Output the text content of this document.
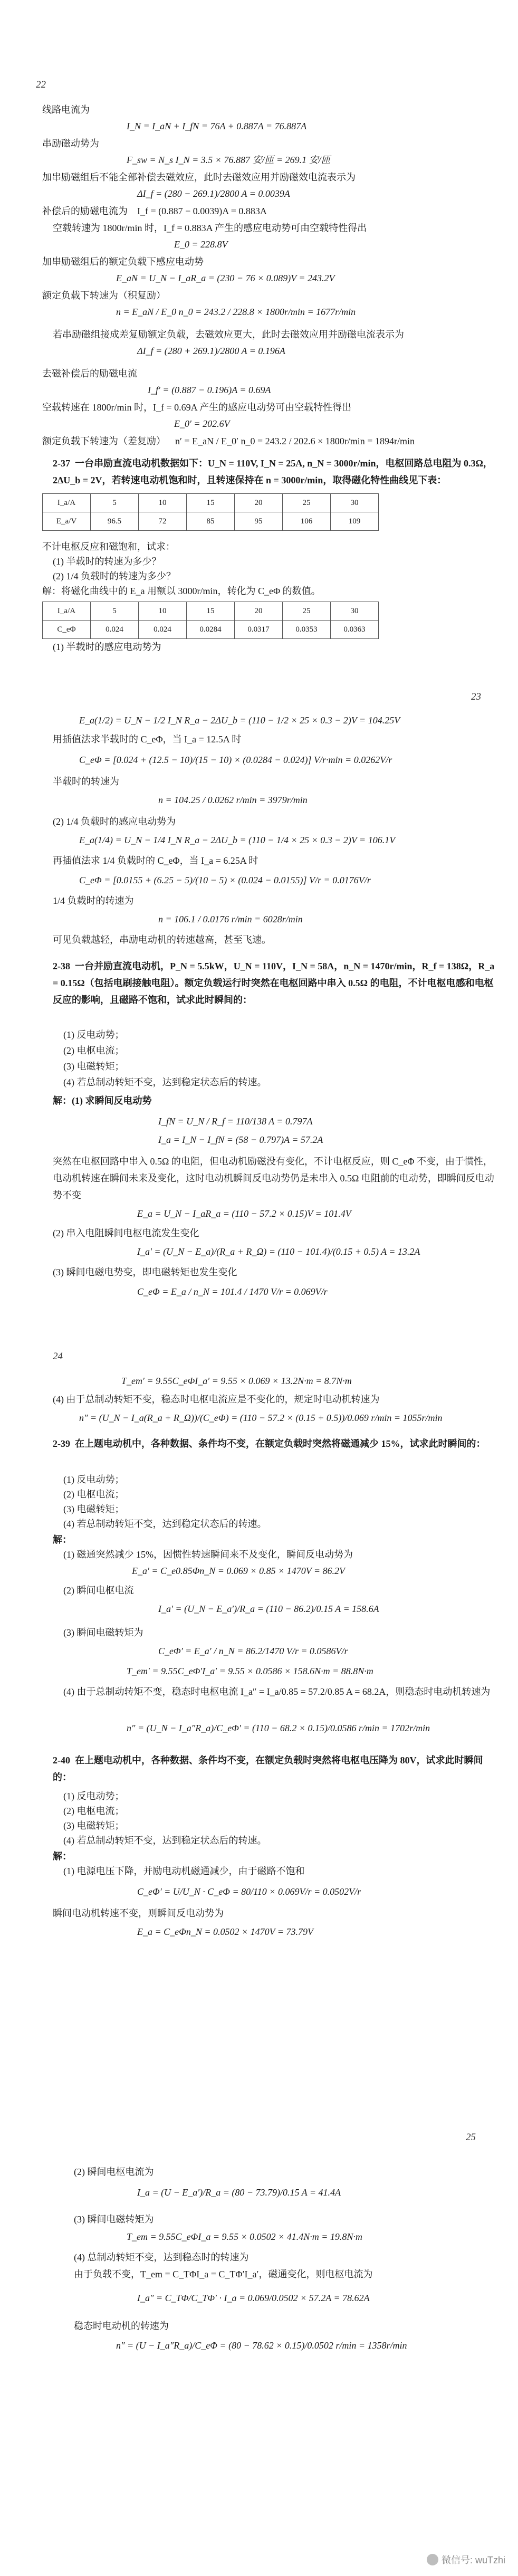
22
线路电流为
I_N = I_aN + I_fN = 76A + 0.887A = 76.887A
串励磁动势为
F_sw = N_s I_N = 3.5 × 76.887 安/匝 = 269.1 安/匝
加串励磁组后不能全部补偿去磁效应，此时去磁效应用并励磁效电流表示为
ΔI_f = (280 − 269.1)/2800 A = 0.0039A
补偿后的励磁电流为    I_f = (0.887 − 0.0039)A = 0.883A
空载转速为 1800r/min 时，I_f = 0.883A 产生的感应电动势可由空载特性得出
E_0 = 228.8V
加串励磁组后的额定负载下感应电动势
E_aN = U_N − I_aR_a = (230 − 76 × 0.089)V = 243.2V
额定负载下转速为（积复励）
n = E_aN / E_0 n_0 = 243.2 / 228.8 × 1800r/min = 1677r/min
若串励磁组接成差复励额定负载，去磁效应更大，此时去磁效应用并励磁电流表示为
ΔI_f = (280 + 269.1)/2800 A = 0.196A
去磁补偿后的励磁电流
I_f′ = (0.887 − 0.196)A = 0.69A
空载转速在 1800r/min 时，I_f = 0.69A 产生的感应电动势可由空载特性得出
E_0′ = 202.6V
额定负载下转速为（差复励）    n′ = E_aN / E_0′ n_0 = 243.2 / 202.6 × 1800r/min = 1894r/min
2-37  一台串励直流电动机数据如下：U_N = 110V, I_N = 25A, n_N = 3000r/min，电枢回路总电阻为 0.3Ω，2ΔU_b = 2V，若转速电动机饱和时，且转速保持在 n = 3000r/min，取得磁化特性曲线见下表：
I_a/A	5	10	15	20	25	30
E_a/V	96.5	72	85	95	106	109
不计电枢反应和磁饱和，试求：
(1) 半载时的转速为多少？
(2) 1/4 负载时的转速为多少？
解：将磁化曲线中的 E_a 用额以 3000r/min，转化为 C_eΦ 的数值。
I_a/A	5	10	15	20	25	30
C_eΦ	0.024	0.024	0.0284	0.0317	0.0353	0.0363
(1) 半载时的感应电动势为
23
E_a(1/2) = U_N − 1/2 I_N R_a − 2ΔU_b = (110 − 1/2 × 25 × 0.3 − 2)V = 104.25V
用插值法求半载时的 C_eΦ，当 I_a = 12.5A 时
C_eΦ = [0.024 + (12.5 − 10)/(15 − 10) × (0.0284 − 0.024)] V/r·min = 0.0262V/r
半载时的转速为
n = 104.25 / 0.0262 r/min = 3979r/min
(2) 1/4 负载时的感应电动势为
E_a(1/4) = U_N − 1/4 I_N R_a − 2ΔU_b = (110 − 1/4 × 25 × 0.3 − 2)V = 106.1V
再插值法求 1/4 负载时的 C_eΦ，当 I_a = 6.25A 时
C_eΦ = [0.0155 + (6.25 − 5)/(10 − 5) × (0.024 − 0.0155)] V/r = 0.0176V/r
1/4 负载时的转速为
n = 106.1 / 0.0176 r/min = 6028r/min
可见负载越轻，串励电动机的转速越高，甚至飞速。
2-38  一台并励直流电动机，P_N = 5.5kW，U_N = 110V，I_N = 58A，n_N = 1470r/min，R_f = 138Ω，R_a = 0.15Ω（包括电刷接触电阻）。额定负载运行时突然在电枢回路中串入 0.5Ω 的电阻，不计电枢电感和电枢反应的影响，且磁路不饱和，试求此时瞬间的：
(1) 反电动势；
(2) 电枢电流；
(3) 电磁转矩；
(4) 若总制动转矩不变，达到稳定状态后的转速。
解：(1) 求瞬间反电动势
I_fN = U_N / R_f = 110/138 A = 0.797A
I_a = I_N − I_fN = (58 − 0.797)A = 57.2A
突然在电枢回路中串入 0.5Ω 的电阻，但电动机励磁没有变化，不计电枢反应，则 C_eΦ 不变，由于惯性，电动机转速在瞬间未来及变化，这时电动机瞬间反电动势仍是未串入 0.5Ω 电阻前的电动势，即瞬间反电动势不变
E_a = U_N − I_aR_a = (110 − 57.2 × 0.15)V = 101.4V
(2) 串入电阻瞬间电枢电流发生变化
I_a′ = (U_N − E_a)/(R_a + R_Ω) = (110 − 101.4)/(0.15 + 0.5) A = 13.2A
(3) 瞬间电磁电势变，即电磁转矩也发生变化
C_eΦ = E_a / n_N = 101.4 / 1470 V/r = 0.069V/r
24
T_em′ = 9.55C_eΦI_a′ = 9.55 × 0.069 × 13.2N·m = 8.7N·m
(4) 由于总制动转矩不变，稳态时电枢电流应是不变化的，规定时电动机转速为
n″ = (U_N − I_a(R_a + R_Ω))/(C_eΦ) = (110 − 57.2 × (0.15 + 0.5))/0.069 r/min = 1055r/min
2-39  在上题电动机中，各种数据、条件均不变，在额定负载时突然将磁通减少 15%，试求此时瞬间的：
(1) 反电动势；
(2) 电枢电流；
(3) 电磁转矩；
(4) 若总制动转矩不变，达到稳定状态后的转速。
解：
(1) 磁通突然减少 15%，因惯性转速瞬间来不及变化，瞬间反电动势为
E_a′ = C_e0.85Φn_N = 0.069 × 0.85 × 1470V = 86.2V
(2) 瞬间电枢电流
I_a′ = (U_N − E_a′)/R_a = (110 − 86.2)/0.15 A = 158.6A
(3) 瞬间电磁转矩为
C_eΦ′ = E_a′ / n_N = 86.2/1470 V/r = 0.0586V/r
T_em′ = 9.55C_eΦ′I_a′ = 9.55 × 0.0586 × 158.6N·m = 88.8N·m
(4) 由于总制动转矩不变，稳态时电枢电流 I_a″ = I_a/0.85 = 57.2/0.85 A = 68.2A，则稳态时电动机转速为
n″ = (U_N − I_a″R_a)/C_eΦ′ = (110 − 68.2 × 0.15)/0.0586 r/min = 1702r/min
2-40  在上题电动机中，各种数据、条件均不变，在额定负载时突然将电枢电压降为 80V，试求此时瞬间的：
(1) 反电动势；
(2) 电枢电流；
(3) 电磁转矩；
(4) 若总制动转矩不变，达到稳定状态后的转速。
解：
(1) 电源电压下降，并励电动机磁通减少，由于磁路不饱和
C_eΦ′ = U/U_N · C_eΦ = 80/110 × 0.069V/r = 0.0502V/r
瞬间电动机转速不变，则瞬间反电动势为
E_a = C_eΦn_N = 0.0502 × 1470V = 73.79V
25
(2) 瞬间电枢电流为
I_a = (U − E_a′)/R_a = (80 − 73.79)/0.15 A = 41.4A
(3) 瞬间电磁转矩为
T_em = 9.55C_eΦI_a = 9.55 × 0.0502 × 41.4N·m = 19.8N·m
(4) 总制动转矩不变，达到稳态时的转速为
由于负载不变，T_em = C_TΦI_a = C_TΦ′I_a′，磁通变化，则电枢电流为
I_a″ = C_TΦ/C_TΦ′ · I_a = 0.069/0.0502 × 57.2A = 78.62A
稳态时电动机的转速为
n″ = (U − I_a″R_a)/C_eΦ = (80 − 78.62 × 0.15)/0.0502 r/min = 1358r/min
微信号: wuTzhi
